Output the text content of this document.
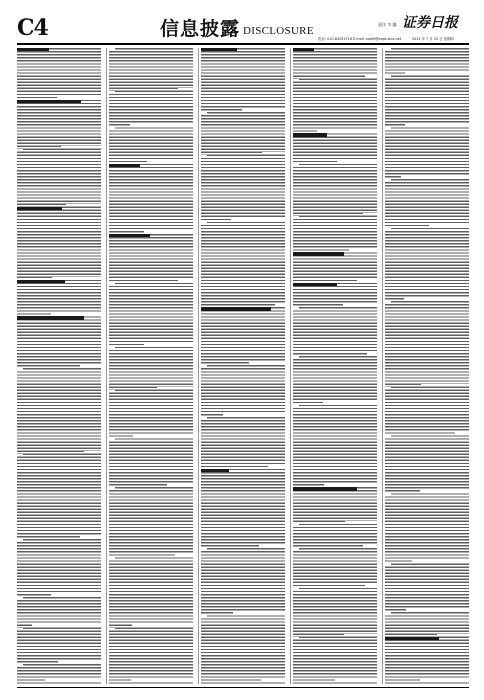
C4	信息披露 DISCLOSURE
责任 韦 编 证券日报
电话: 010-83251716 E-mail: zqrb9@zqrb.sina.net	2021 年 7 月 22 日 星期四
